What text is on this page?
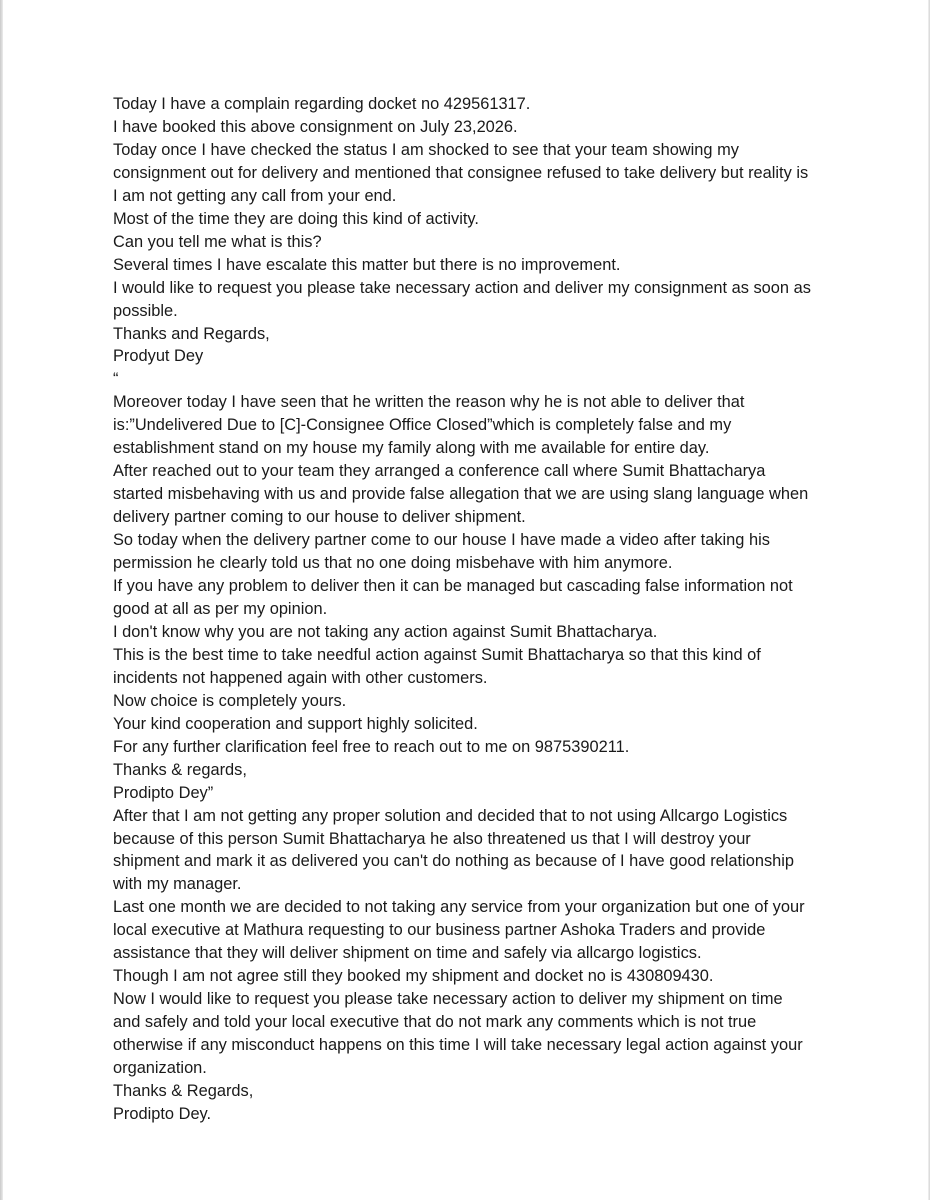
Today I have a complain regarding docket no 429561317.

I have booked this above consignment on July 23,2026.

Today once I have checked the status I am shocked to see that your team showing my consignment out for delivery and mentioned that consignee refused to take delivery but reality is I am not getting any call from your end.

Most of the time they are doing this kind of activity.

Can you tell me what is this?

Several times I have escalate this matter but there is no improvement.

I would like to request you please take necessary action and deliver my consignment as soon as possible.

Thanks and Regards,

Prodyut Dey

“

Moreover today I have seen that he written the reason why he is not able to deliver that is:”Undelivered Due to [C]-Consignee Office Closed”which is completely false and my establishment stand on my house my family along with me available for entire day.

After reached out to your team they arranged a conference call where Sumit Bhattacharya started misbehaving with us and provide false allegation that we are using slang language when delivery partner coming to our house to deliver shipment.

So today when the delivery partner come to our house I have made a video after taking his permission he clearly told us that no one doing misbehave with him anymore.

If you have any problem to deliver then it can be managed but cascading false information not good at all as per my opinion.

I don't know why you are not taking any action against Sumit Bhattacharya.

This is the best time to take needful action against Sumit Bhattacharya so that this kind of incidents not happened again with other customers.

Now choice is completely yours.

Your kind cooperation and support highly solicited.

For any further clarification feel free to reach out to me on 9875390211.

Thanks & regards,

Prodipto Dey”

After that I am not getting any proper solution and decided that to not using Allcargo Logistics because of this person Sumit Bhattacharya he also threatened us that I will destroy your shipment and mark it as delivered you can't do nothing as because of I have good relationship with my manager.

Last one month we are decided to not taking any service from your organization but one of your local executive at Mathura requesting to our business partner Ashoka Traders and provide assistance that they will deliver shipment on time and safely via allcargo logistics.

Though I am not agree still they booked my shipment and docket no is 430809430.

Now I would like to request you please take necessary action to deliver my shipment on time and safely and told your local executive that do not mark any comments which is not true otherwise if any misconduct happens on this time I will take necessary legal action against your organization.

Thanks & Regards,

Prodipto Dey.
